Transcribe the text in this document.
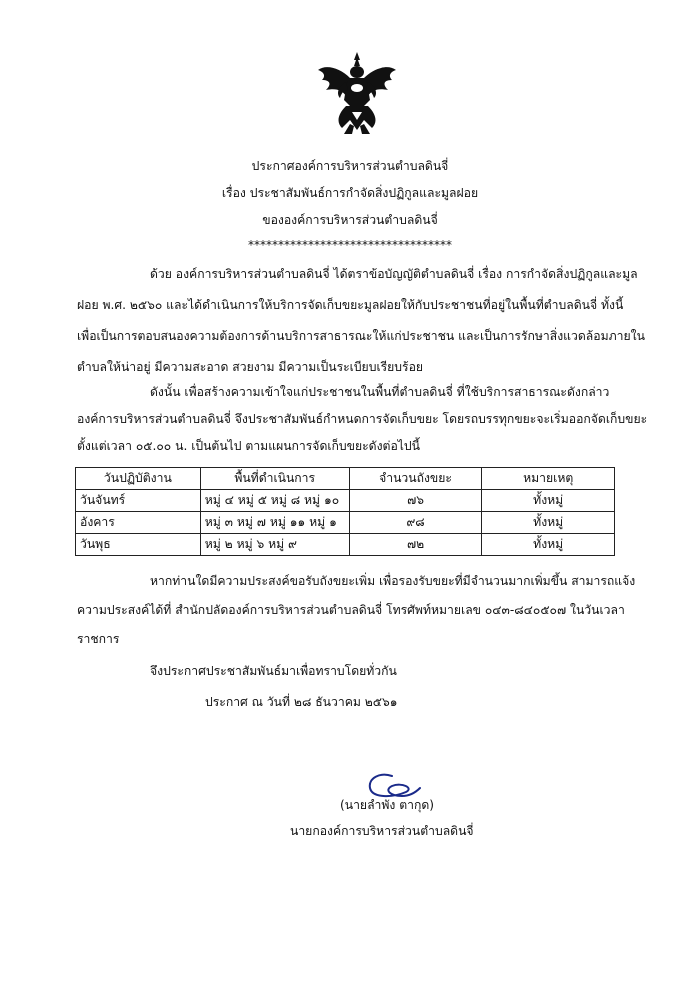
ประกาศองค์การบริหารส่วนตำบลดินจี่
เรื่อง ประชาสัมพันธ์การกำจัดสิ่งปฏิกูลและมูลฝอย
ขององค์การบริหารส่วนตำบลดินจี่
**********************************
ด้วย องค์การบริหารส่วนตำบลดินจี่ ได้ตราข้อบัญญัติตำบลดินจี่ เรื่อง การกำจัดสิ่งปฏิกูลและมูล
ฝอย พ.ศ. ๒๕๖๐ และได้ดำเนินการให้บริการจัดเก็บขยะมูลฝอยให้กับประชาชนที่อยู่ในพื้นที่ตำบลดินจี่ ทั้งนี้
เพื่อเป็นการตอบสนองความต้องการด้านบริการสาธารณะให้แก่ประชาชน และเป็นการรักษาสิ่งแวดล้อมภายใน
ตำบลให้น่าอยู่ มีความสะอาด สวยงาม มีความเป็นระเบียบเรียบร้อย
ดังนั้น เพื่อสร้างความเข้าใจแก่ประชาชนในพื้นที่ตำบลดินจี่ ที่ใช้บริการสาธารณะดังกล่าว
องค์การบริหารส่วนตำบลดินจี่ จึงประชาสัมพันธ์กำหนดการจัดเก็บขยะ โดยรถบรรทุกขยะจะเริ่มออกจัดเก็บขยะ
ตั้งแต่เวลา ๐๕.๐๐ น. เป็นต้นไป ตามแผนการจัดเก็บขยะดังต่อไปนี้
วันปฏิบัติงาน	พื้นที่ดำเนินการ	จำนวนถังขยะ	หมายเหตุ
วันจันทร์	หมู่ ๔ หมู่ ๕ หมู่ ๘ หมู่ ๑๐	๗๖	ทั้งหมู่
อังคาร	หมู่ ๓ หมู่ ๗ หมู่ ๑๑ หมู่ ๑	๙๘	ทั้งหมู่
วันพุธ	หมู่ ๒ หมู่ ๖ หมู่ ๙	๗๒	ทั้งหมู่
หากท่านใดมีความประสงค์ขอรับถังขยะเพิ่ม เพื่อรองรับขยะที่มีจำนวนมากเพิ่มขึ้น สามารถแจ้ง
ความประสงค์ได้ที่ สำนักปลัดองค์การบริหารส่วนตำบลดินจี่ โทรศัพท์หมายเลข ๐๔๓-๘๔๐๕๐๗ ในวันเวลา
ราชการ
จึงประกาศประชาสัมพันธ์มาเพื่อทราบโดยทั่วกัน
ประกาศ ณ วันที่ ๒๘ ธันวาคม ๒๕๖๑
(นายลำพัง ตากุด)
นายกองค์การบริหารส่วนตำบลดินจี่
